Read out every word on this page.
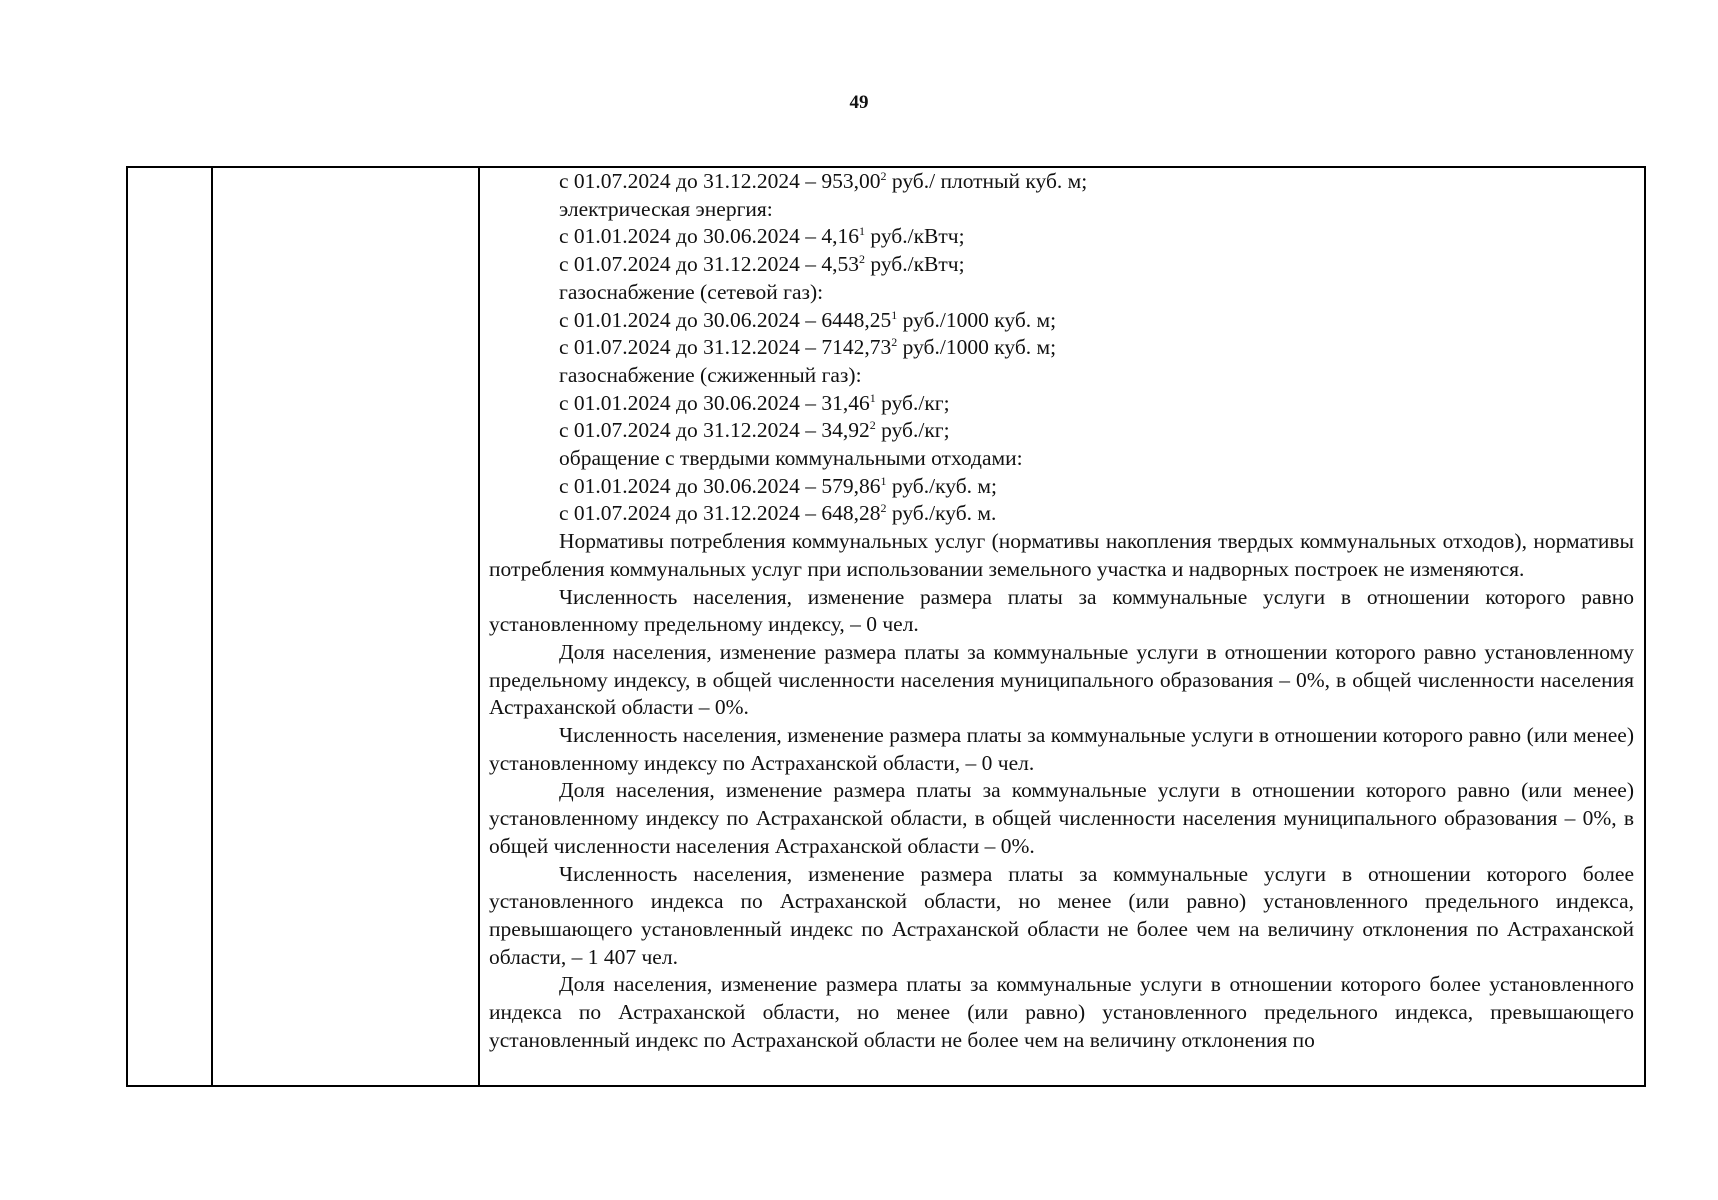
49

с 01.07.2024 до 31.12.2024 – 953,00$^2$ руб./ плотный куб. м;
электрическая энергия:
с 01.01.2024 до 30.06.2024 – 4,16$^1$ руб./кВтч;
с 01.07.2024 до 31.12.2024 – 4,53$^2$ руб./кВтч;
газоснабжение (сетевой газ):
с 01.01.2024 до 30.06.2024 – 6448,25$^1$ руб./1000 куб. м;
с 01.07.2024 до 31.12.2024 – 7142,73$^2$ руб./1000 куб. м;
газоснабжение (сжиженный газ):
с 01.01.2024 до 30.06.2024 – 31,46$^1$ руб./кг;
с 01.07.2024 до 31.12.2024 – 34,92$^2$ руб./кг;
обращение с твердыми коммунальными отходами:
с 01.01.2024 до 30.06.2024 – 579,86$^1$ руб./куб. м;
с 01.07.2024 до 31.12.2024 – 648,28$^2$ руб./куб. м.
Нормативы потребления коммунальных услуг (нормативы накопления твердых коммунальных отходов), нормативы потребления коммунальных услуг при использовании земельного участка и надворных построек не изменяются.
Численность населения, изменение размера платы за коммунальные услуги в отношении которого равно установленному предельному индексу, – 0 чел.
Доля населения, изменение размера платы за коммунальные услуги в отношении которого равно установленному предельному индексу, в общей численности населения муниципального образования – 0%, в общей численности населения Астраханской области – 0%.
Численность населения, изменение размера платы за коммунальные услуги в отношении которого равно (или менее) установленному индексу по Астраханской области, – 0 чел.
Доля населения, изменение размера платы за коммунальные услуги в отношении которого равно (или менее) установленному индексу по Астраханской области, в общей численности населения муниципального образования – 0%, в общей численности населения Астраханской области – 0%.
Численность населения, изменение размера платы за коммунальные услуги в отношении которого более установленного индекса по Астраханской области, но менее (или равно) установленного предельного индекса, превышающего установленный индекс по Астраханской области не более чем на величину отклонения по Астраханской области, – 1 407 чел.
Доля населения, изменение размера платы за коммунальные услуги в отношении которого более установленного индекса по Астраханской области, но менее (или равно) установленного предельного индекса, превышающего установленный индекс по Астраханской области не более чем на величину отклонения по
